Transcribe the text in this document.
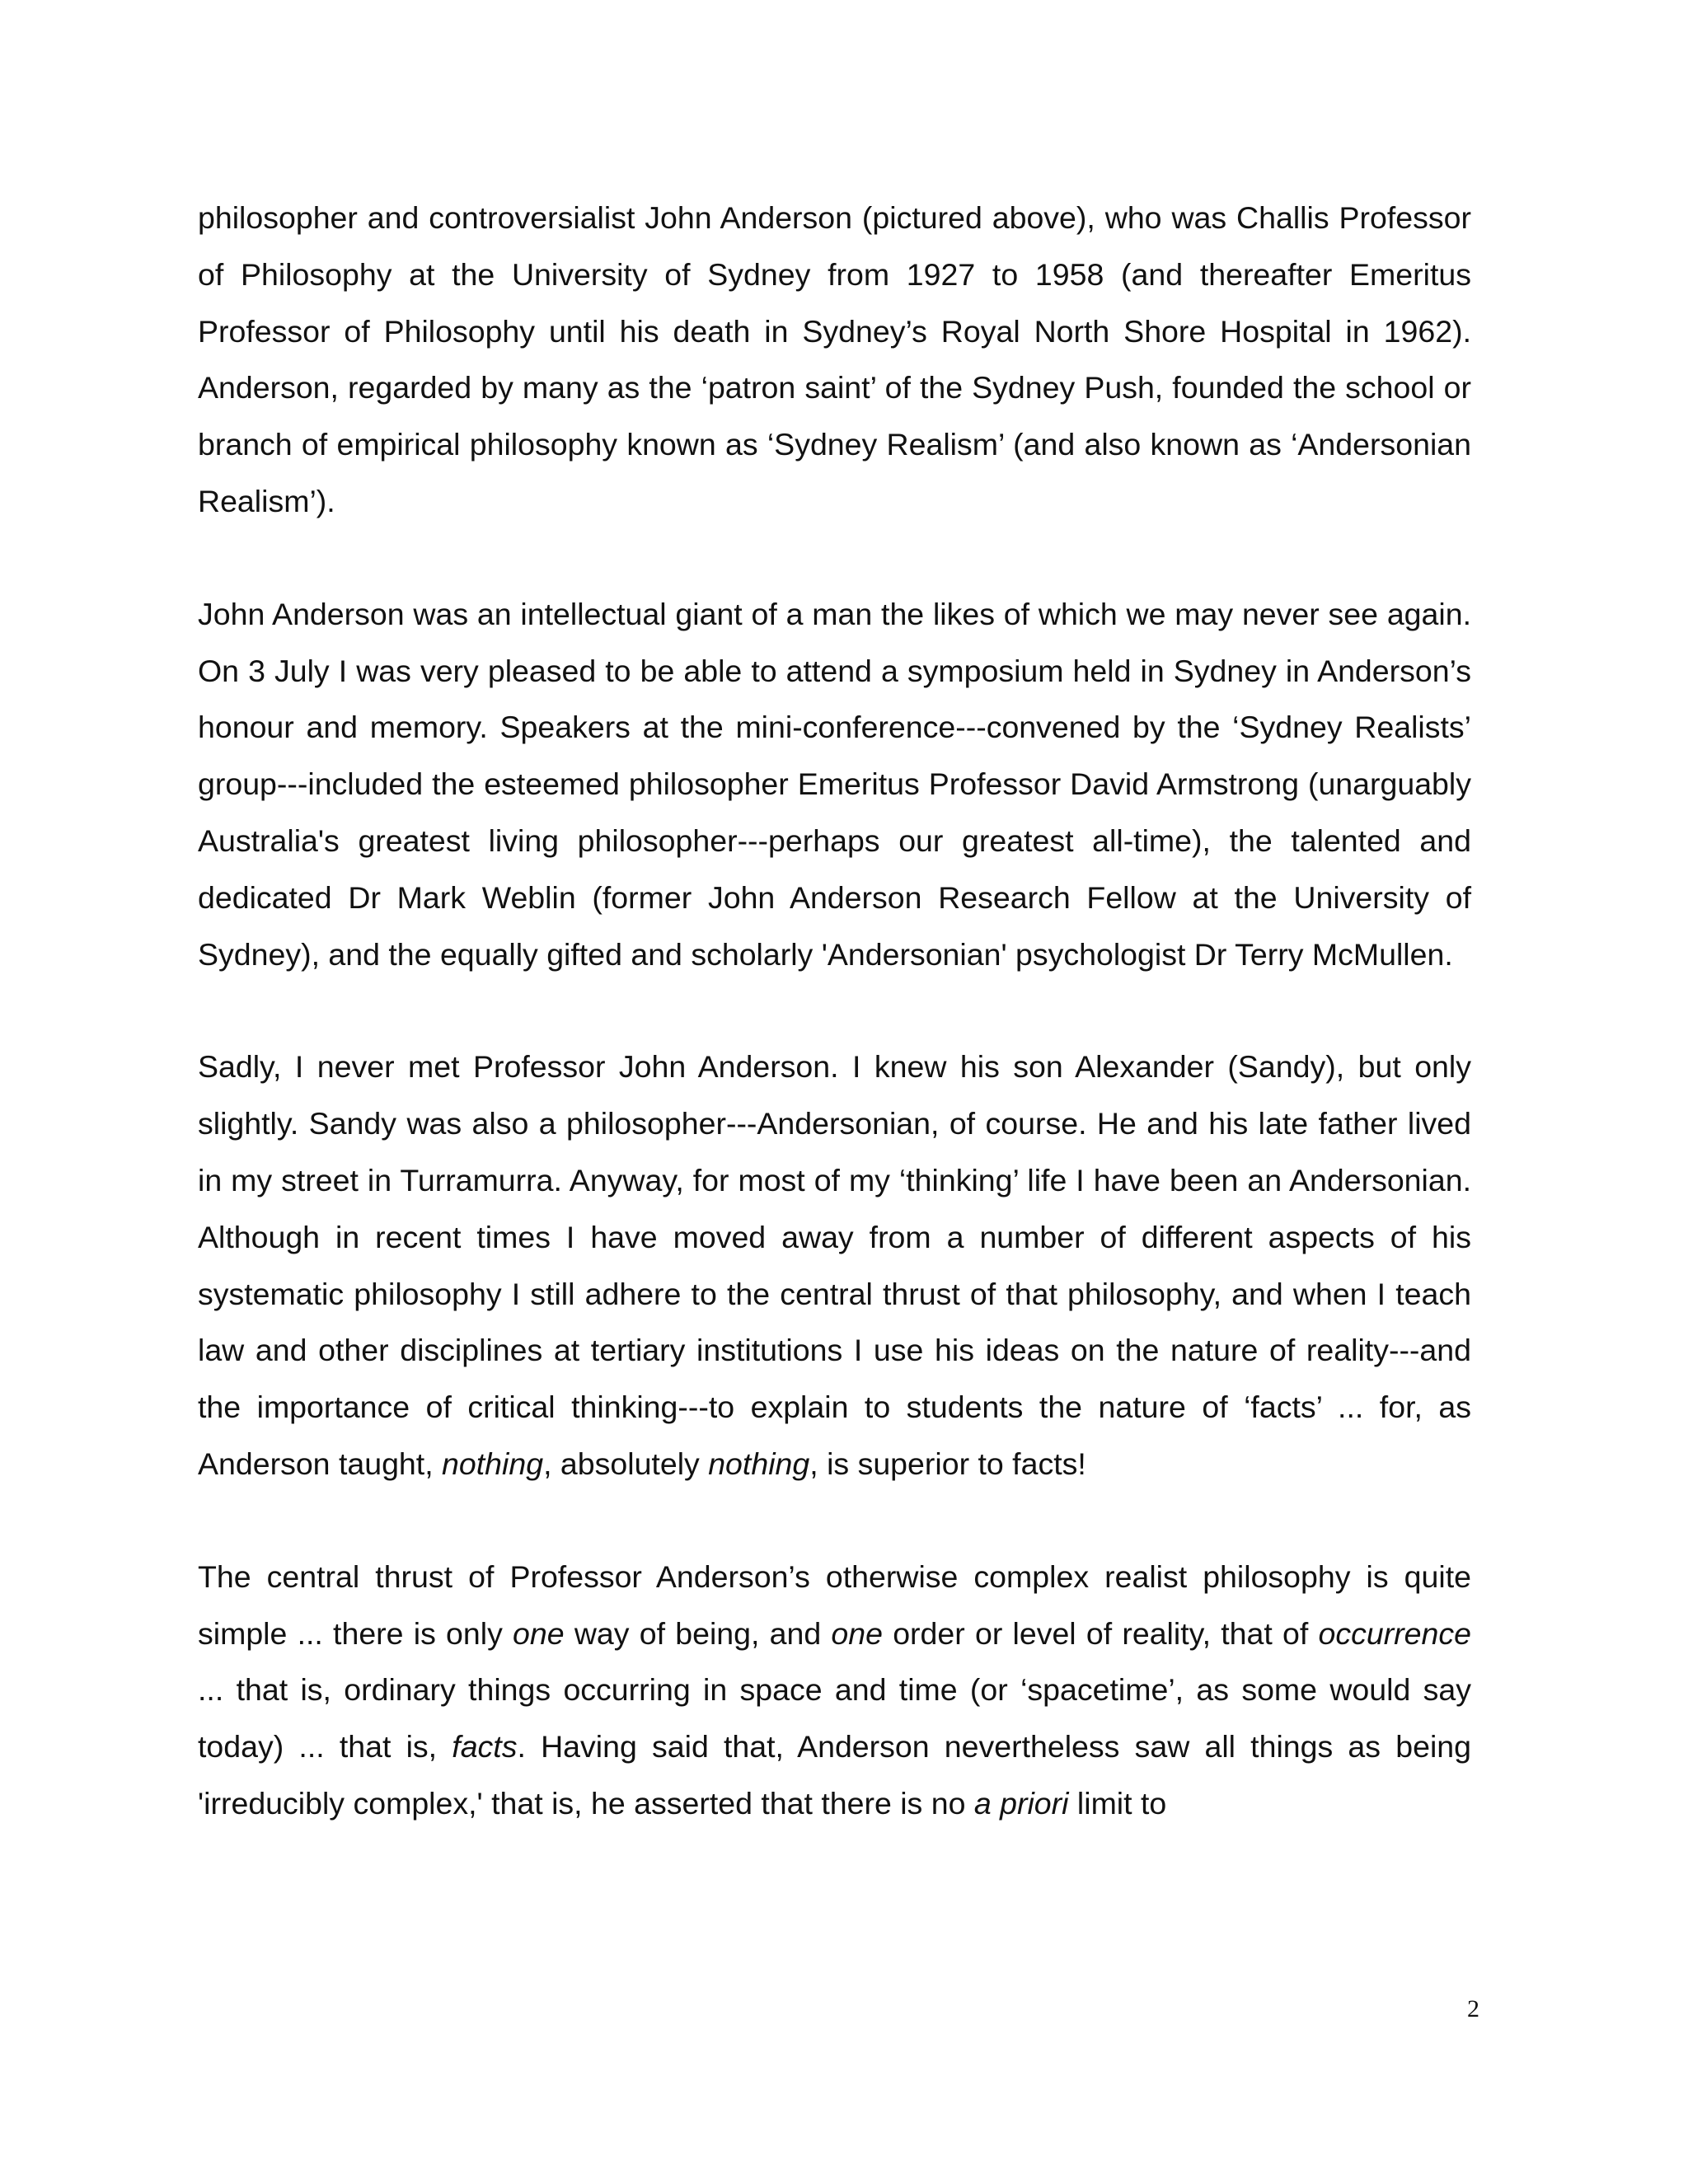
philosopher and controversialist John Anderson (pictured above), who was Challis Professor of Philosophy at the University of Sydney from 1927 to 1958 (and thereafter Emeritus Professor of Philosophy until his death in Sydney’s Royal North Shore Hospital in 1962). Anderson, regarded by many as the ‘patron saint’ of the Sydney Push, founded the school or branch of empirical philosophy known as ‘Sydney Realism’ (and also known as ‘Andersonian Realism’).

John Anderson was an intellectual giant of a man the likes of which we may never see again. On 3 July I was very pleased to be able to attend a symposium held in Sydney in Anderson’s honour and memory. Speakers at the mini-conference---convened by the ‘Sydney Realists’ group---included the esteemed philosopher Emeritus Professor David Armstrong (unarguably Australia's greatest living philosopher---perhaps our greatest all-time), the talented and dedicated Dr Mark Weblin (former John Anderson Research Fellow at the University of Sydney), and the equally gifted and scholarly 'Andersonian' psychologist Dr Terry McMullen.

Sadly, I never met Professor John Anderson. I knew his son Alexander (Sandy), but only slightly. Sandy was also a philosopher---Andersonian, of course. He and his late father lived in my street in Turramurra. Anyway, for most of my ‘thinking’ life I have been an Andersonian. Although in recent times I have moved away from a number of different aspects of his systematic philosophy I still adhere to the central thrust of that philosophy, and when I teach law and other disciplines at tertiary institutions I use his ideas on the nature of reality---and the importance of critical thinking---to explain to students the nature of ‘facts’ ... for, as Anderson taught, nothing, absolutely nothing, is superior to facts!

The central thrust of Professor Anderson’s otherwise complex realist philosophy is quite simple ... there is only one way of being, and one order or level of reality, that of occurrence ... that is, ordinary things occurring in space and time (or ‘spacetime’, as some would say today) ... that is, facts. Having said that, Anderson nevertheless saw all things as being 'irreducibly complex,' that is, he asserted that there is no a priori limit to

2
